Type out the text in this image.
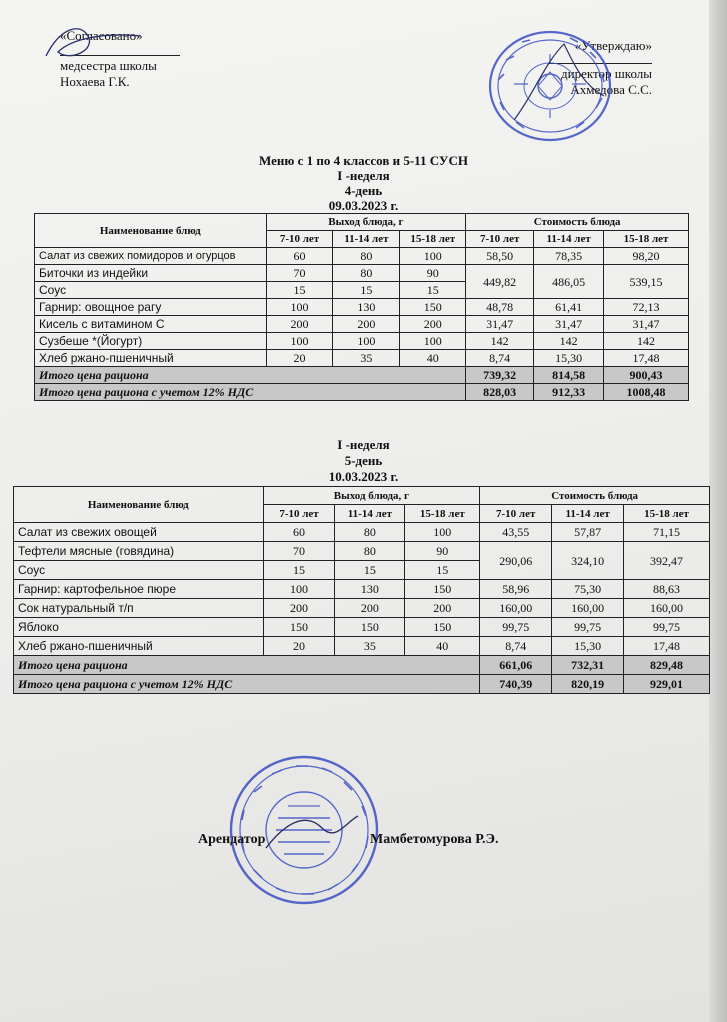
«Согласовано»
медсестра школы
Нохаева Г.К.
«Утверждаю»
директор школы
Ахмедова С.С.
Меню с 1 по 4 классов и 5-11 СУСН
I -неделя
4-день
09.03.2023 г.
Наименование блюд	Выход блюда, г			Стоимость блюда		
	7-10 лет	11-14 лет	15-18 лет	7-10 лет	11-14 лет	15-18 лет
Салат из свежих помидоров и огурцов	60	80	100	58,50	78,35	98,20
Биточки из индейки	70	80	90	449,82	486,05	539,15
Соус	15	15	15			
Гарнир: овощное рагу	100	130	150	48,78	61,41	72,13
Кисель с витамином С	200	200	200	31,47	31,47	31,47
Сузбеше *(Йогурт)	100	100	100	142	142	142
Хлеб ржано-пшеничный	20	35	40	8,74	15,30	17,48
Итого цена рациона				739,32	814,58	900,43
Итого цена рациона с учетом 12% НДС				828,03	912,33	1008,48
I -неделя
5-день
10.03.2023 г.
Наименование блюд	Выход блюда, г			Стоимость блюда		
	7-10 лет	11-14 лет	15-18 лет	7-10 лет	11-14 лет	15-18 лет
Салат из свежих овощей	60	80	100	43,55	57,87	71,15
Тефтели мясные (говядина)	70	80	90	290,06	324,10	392,47
Соус	15	15	15			
Гарнир: картофельное пюре	100	130	150	58,96	75,30	88,63
Сок натуральный т/п	200	200	200	160,00	160,00	160,00
Яблоко	150	150	150	99,75	99,75	99,75
Хлеб ржано-пшеничный	20	35	40	8,74	15,30	17,48
Итого цена рациона				661,06	732,31	829,48
Итого цена рациона с учетом 12% НДС				740,39	820,19	929,01
Арендатор	Мамбетомурова Р.Э.
